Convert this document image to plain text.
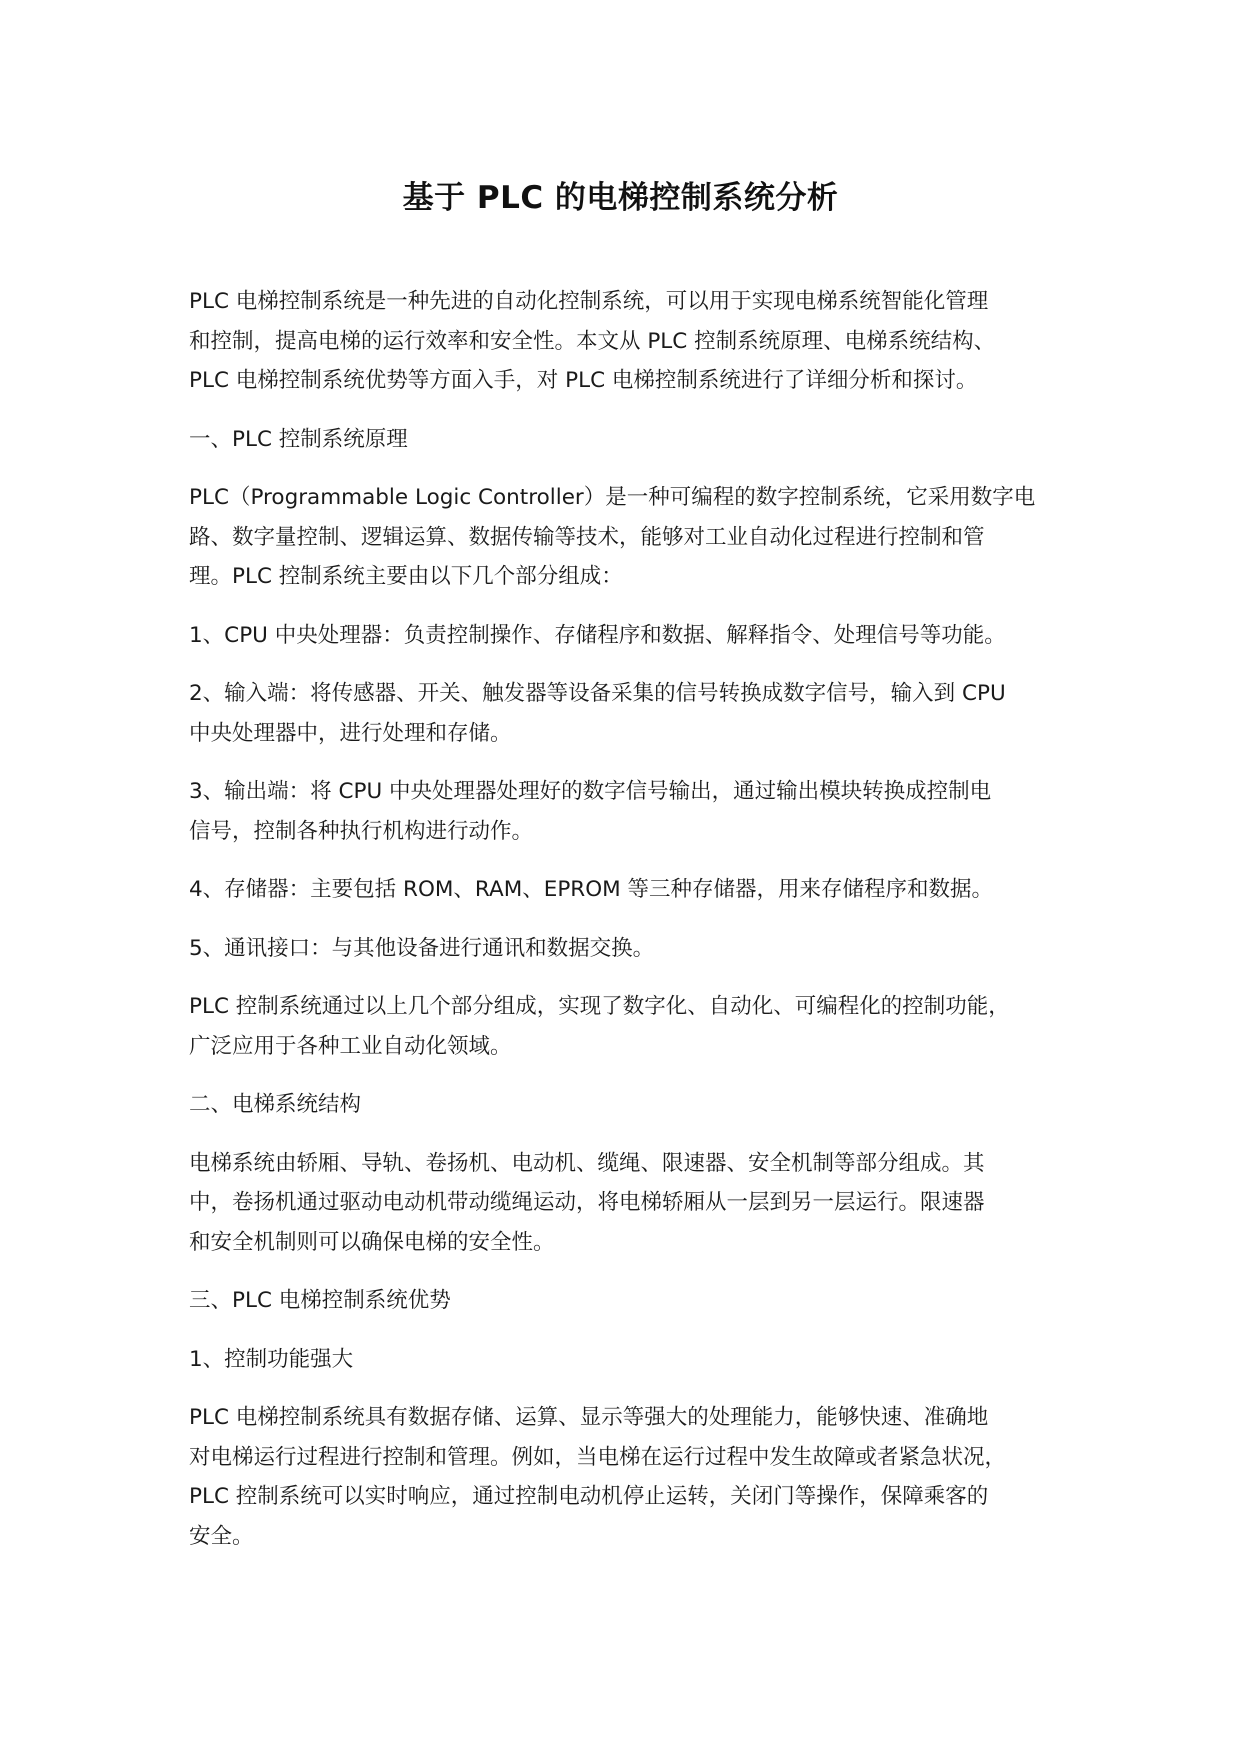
基于 PLC 的电梯控制系统分析

PLC 电梯控制系统是一种先进的自动化控制系统，可以用于实现电梯系统智能化管理
和控制，提高电梯的运行效率和安全性。本文从 PLC 控制系统原理、电梯系统结构、
PLC 电梯控制系统优势等方面入手，对 PLC 电梯控制系统进行了详细分析和探讨。

一、PLC 控制系统原理

PLC（Programmable Logic Controller）是一种可编程的数字控制系统，它采用数字电
路、数字量控制、逻辑运算、数据传输等技术，能够对工业自动化过程进行控制和管
理。PLC 控制系统主要由以下几个部分组成：

1、CPU 中央处理器：负责控制操作、存储程序和数据、解释指令、处理信号等功能。

2、输入端：将传感器、开关、触发器等设备采集的信号转换成数字信号，输入到 CPU
中央处理器中，进行处理和存储。

3、输出端：将 CPU 中央处理器处理好的数字信号输出，通过输出模块转换成控制电
信号，控制各种执行机构进行动作。

4、存储器：主要包括 ROM、RAM、EPROM 等三种存储器，用来存储程序和数据。

5、通讯接口：与其他设备进行通讯和数据交换。

PLC 控制系统通过以上几个部分组成，实现了数字化、自动化、可编程化的控制功能，
广泛应用于各种工业自动化领域。

二、电梯系统结构

电梯系统由轿厢、导轨、卷扬机、电动机、缆绳、限速器、安全机制等部分组成。其
中，卷扬机通过驱动电动机带动缆绳运动，将电梯轿厢从一层到另一层运行。限速器
和安全机制则可以确保电梯的安全性。

三、PLC 电梯控制系统优势

1、控制功能强大

PLC 电梯控制系统具有数据存储、运算、显示等强大的处理能力，能够快速、准确地
对电梯运行过程进行控制和管理。例如，当电梯在运行过程中发生故障或者紧急状况，
PLC 控制系统可以实时响应，通过控制电动机停止运转，关闭门等操作，保障乘客的
安全。
